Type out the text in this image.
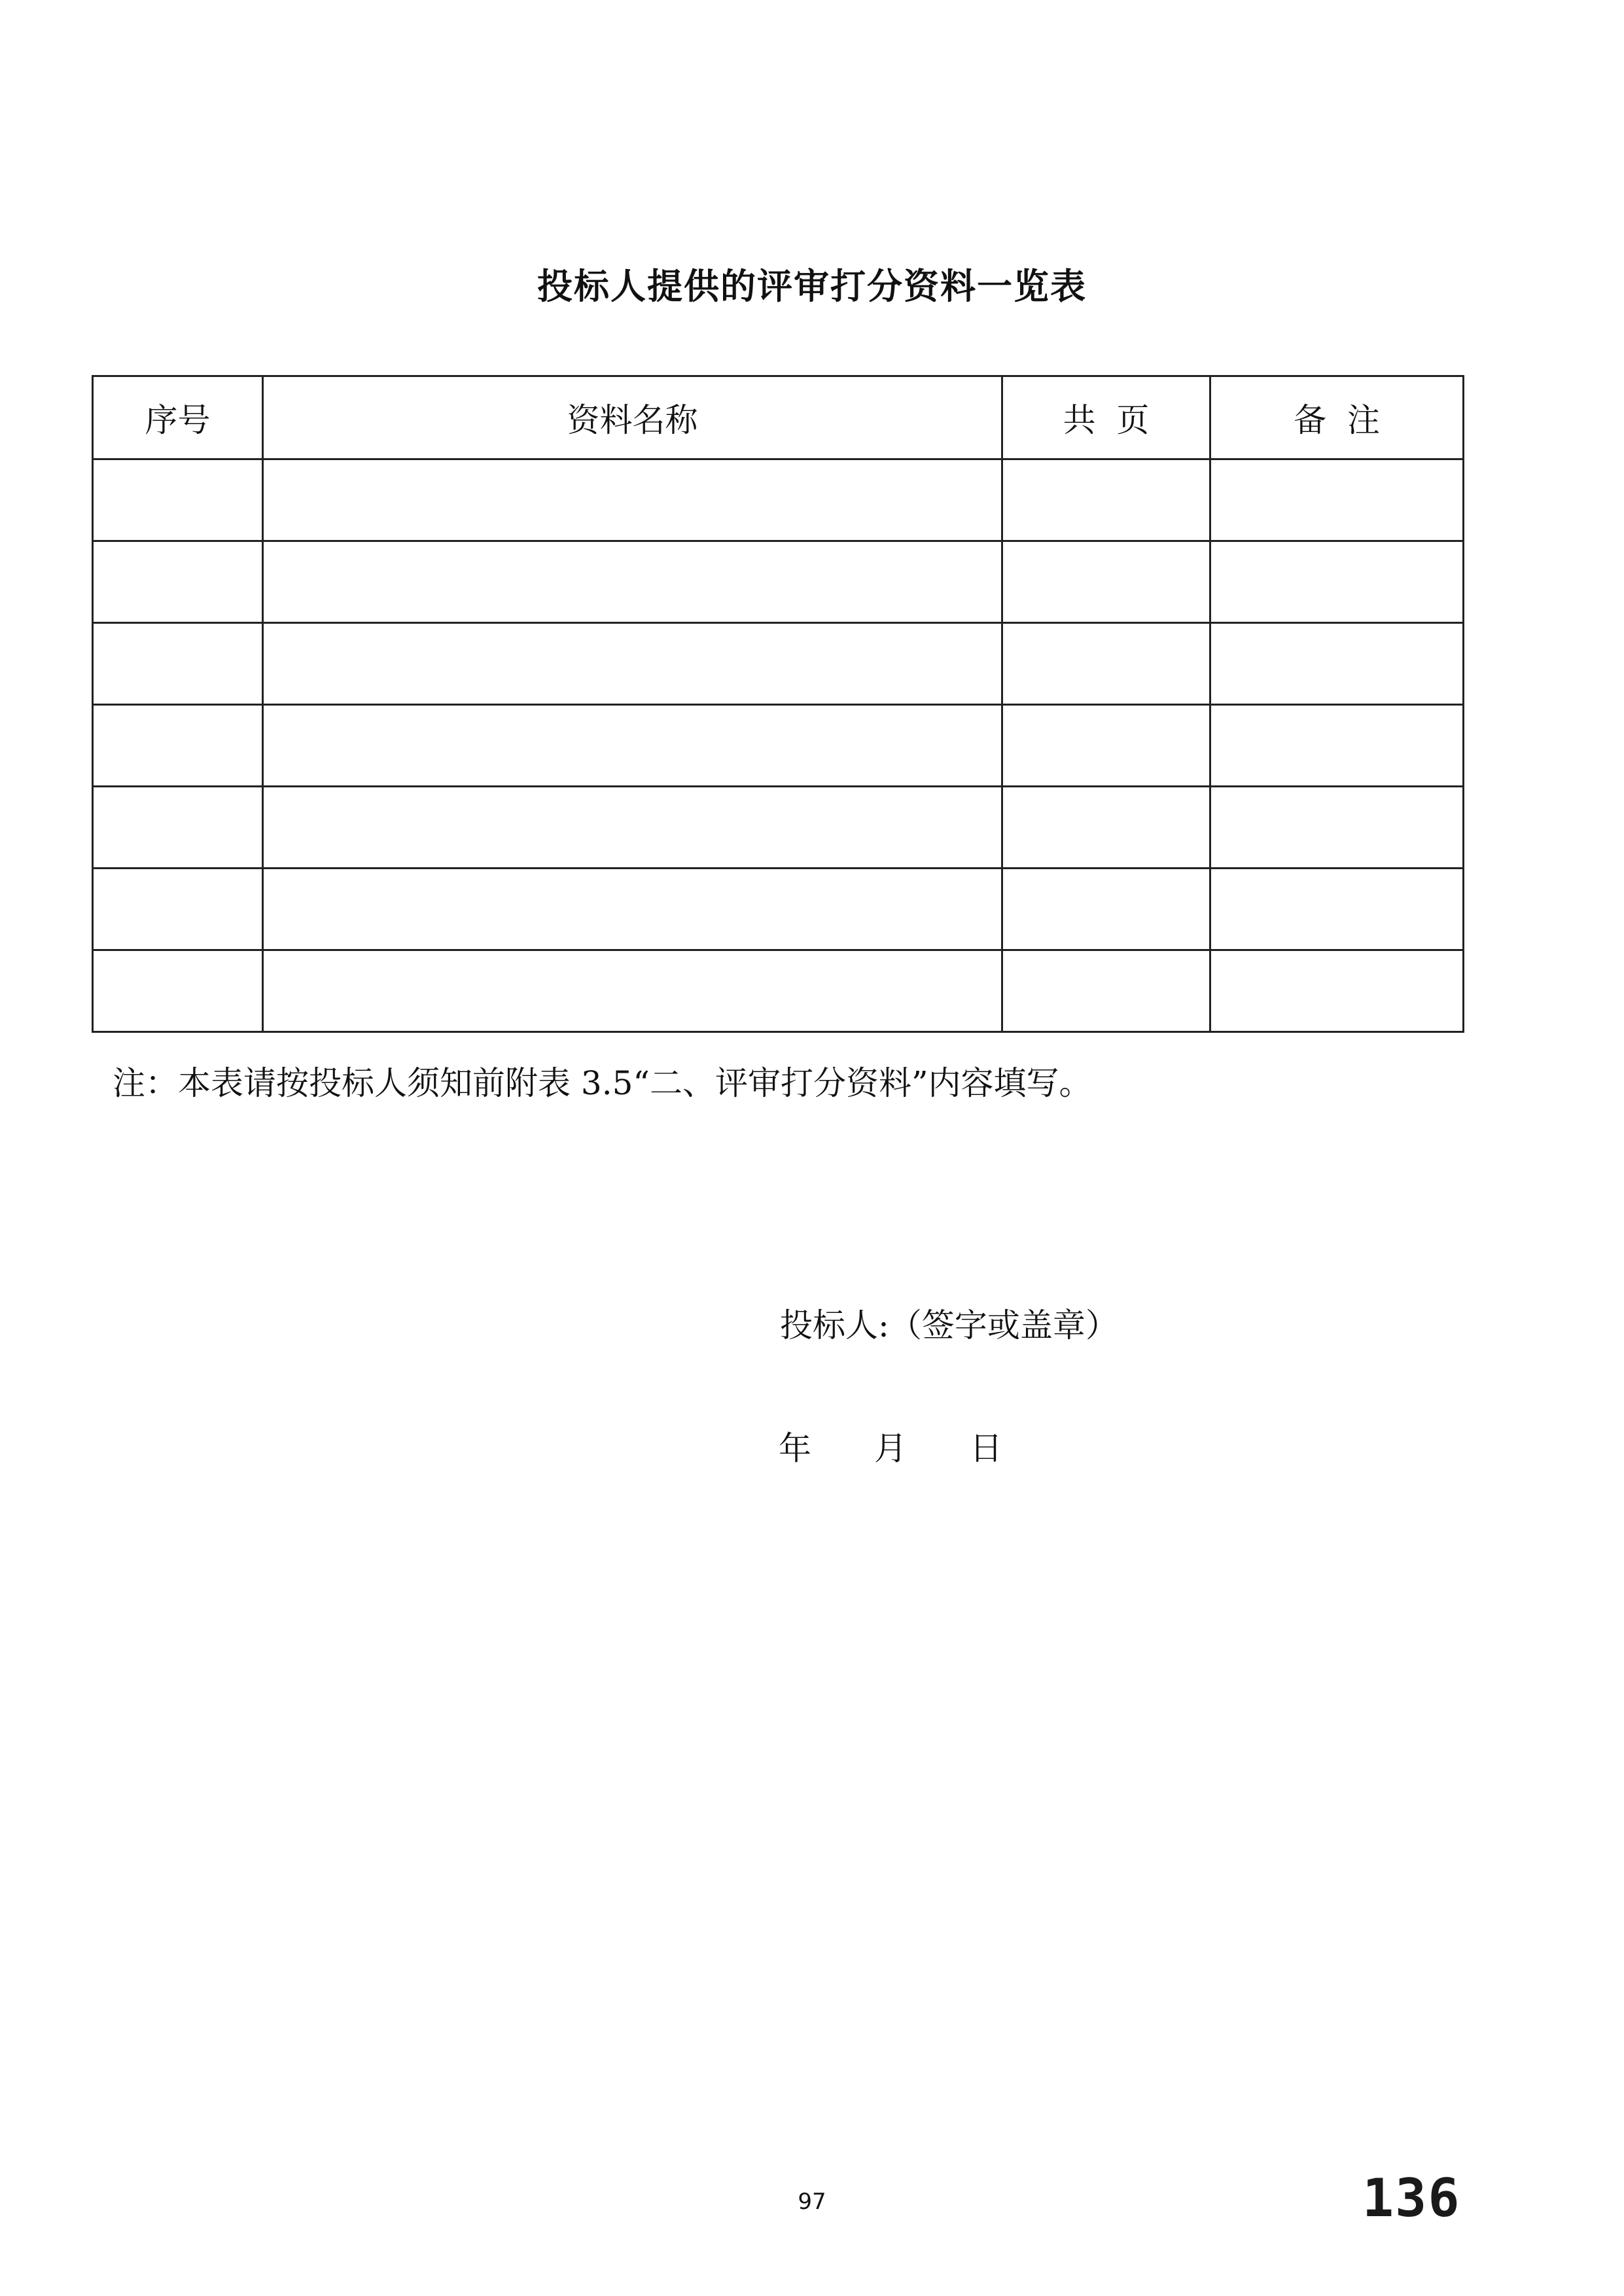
投标人提供的评审打分资料一览表
序号	资料名称	共  页	备  注

注：本表请按投标人须知前附表 3.5“二、评审打分资料”内容填写。
投标人:（签字或盖章）
年 月 日
97	136
